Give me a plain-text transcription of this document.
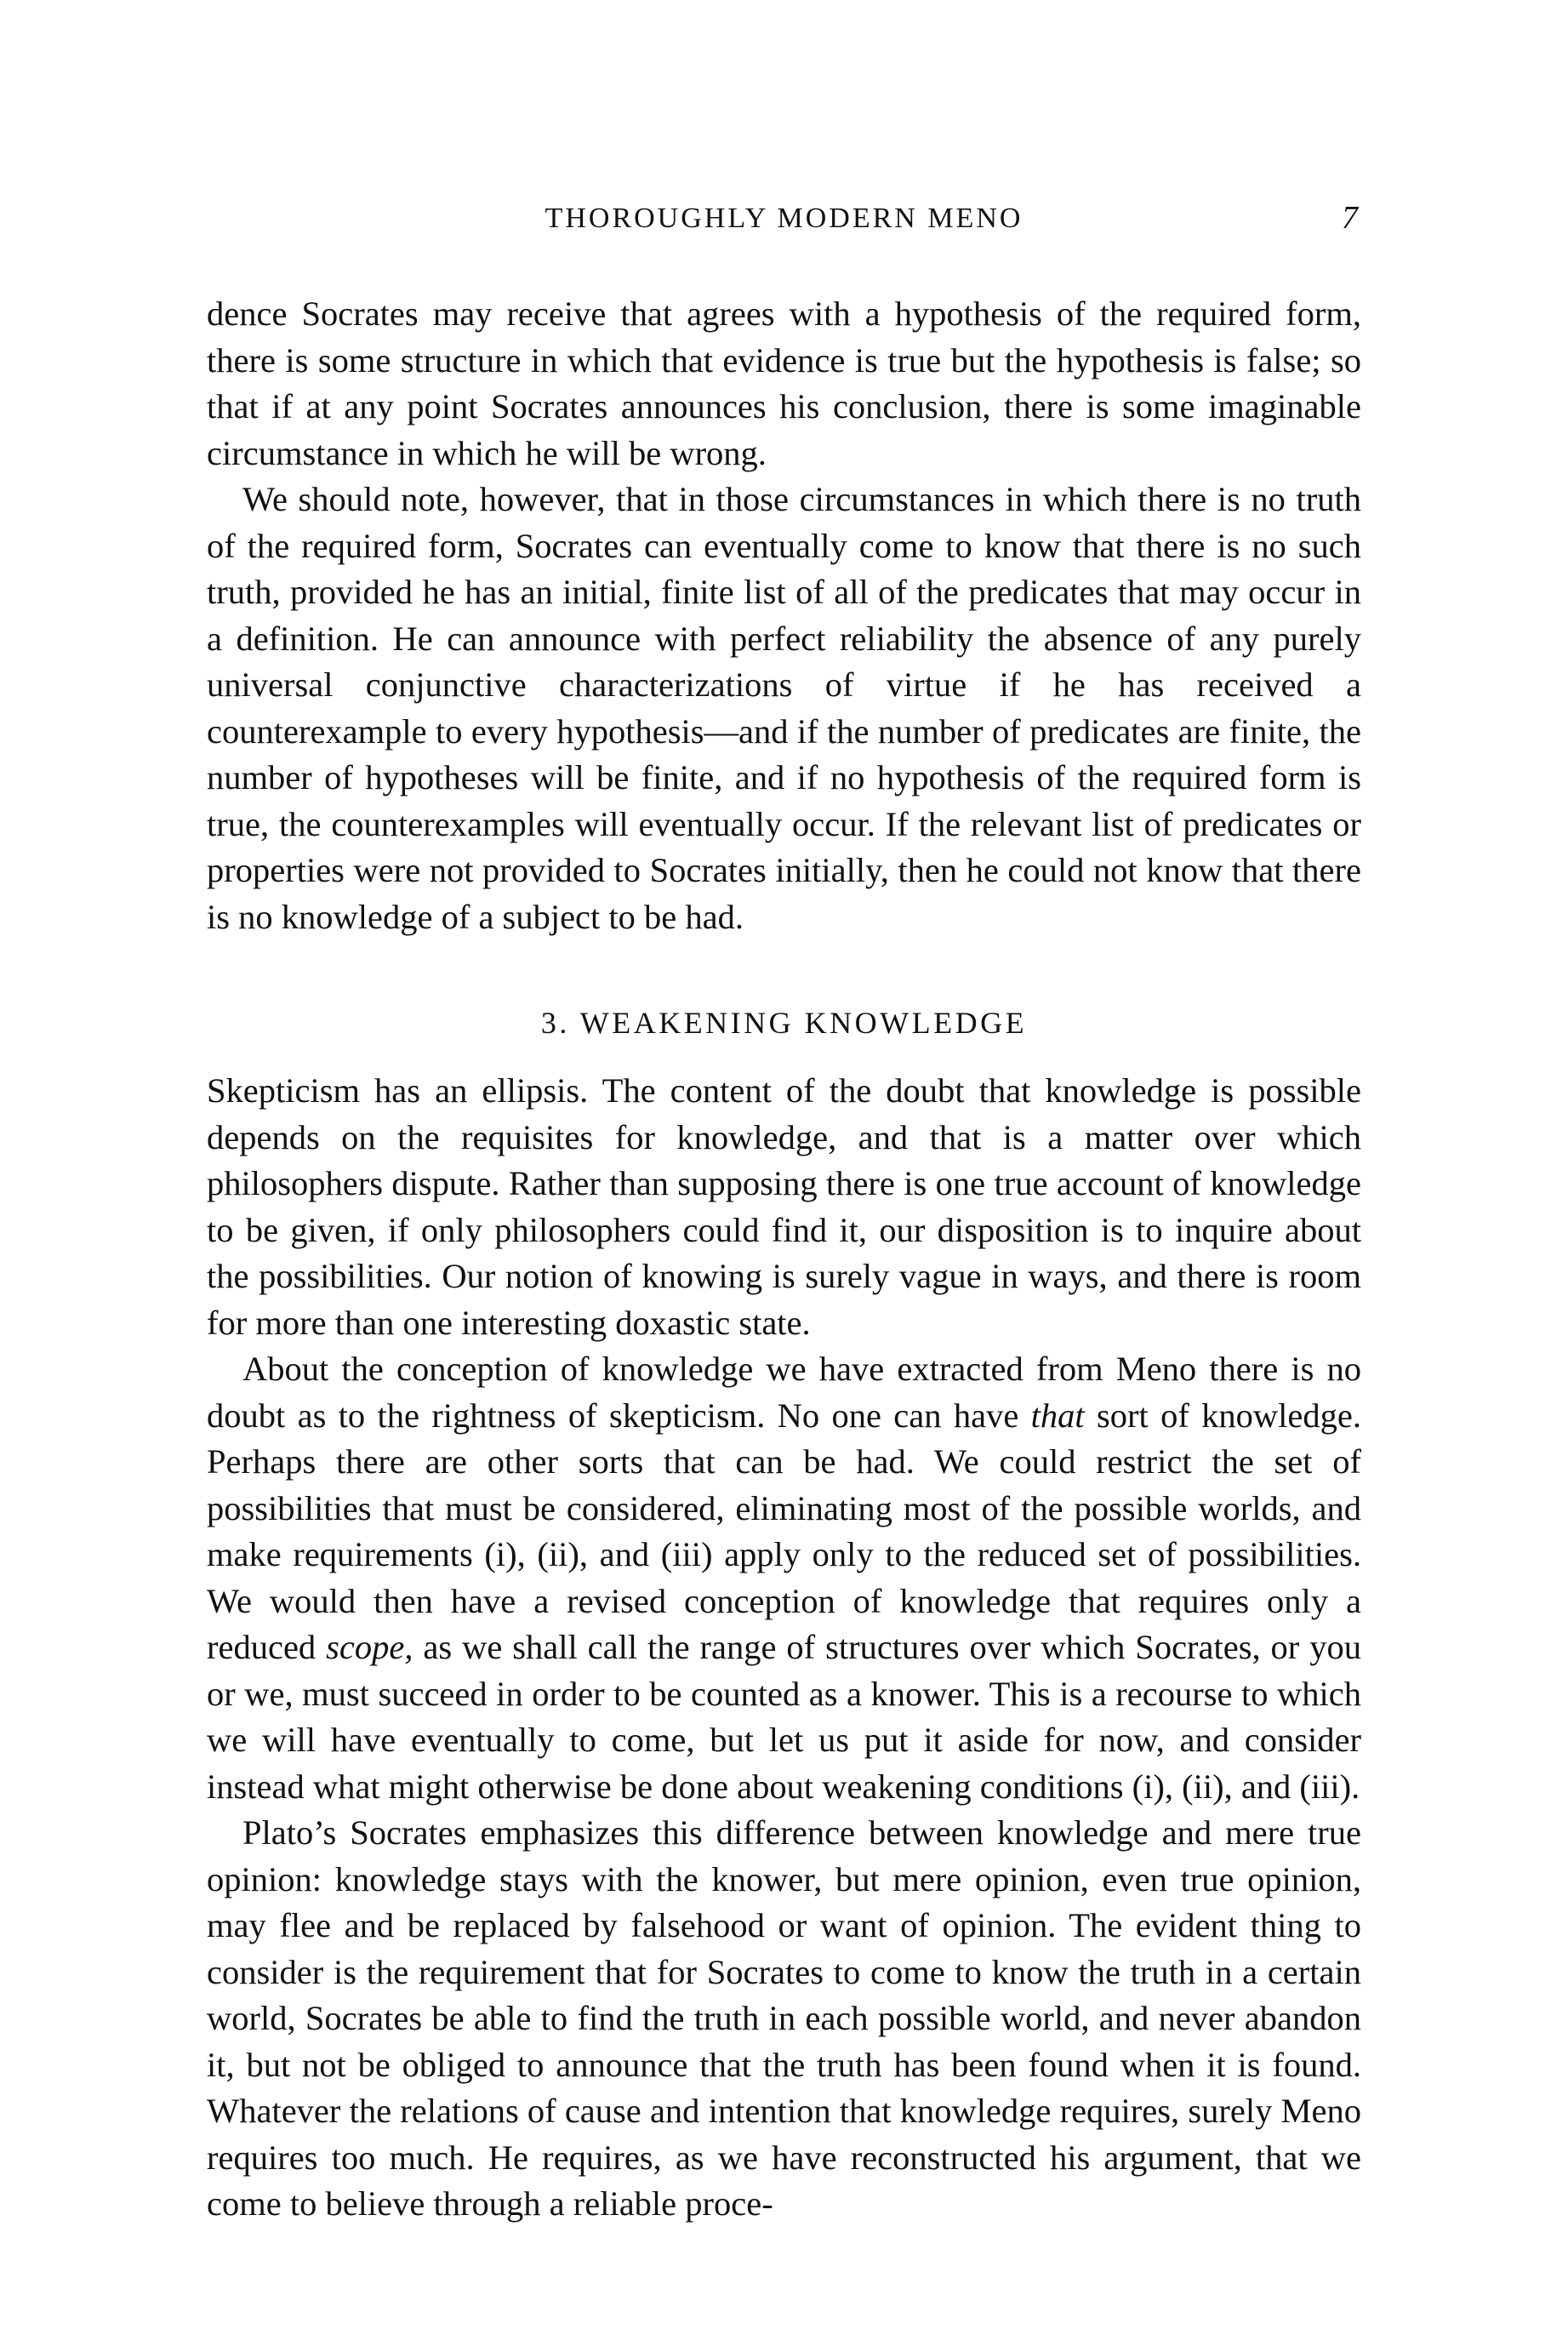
THOROUGHLY MODERN MENO	7

dence Socrates may receive that agrees with a hypothesis of the required form, there is some structure in which that evidence is true but the hypothesis is false; so that if at any point Socrates announces his conclusion, there is some imaginable circumstance in which he will be wrong.

We should note, however, that in those circumstances in which there is no truth of the required form, Socrates can eventually come to know that there is no such truth, provided he has an initial, finite list of all of the predicates that may occur in a definition. He can announce with perfect reliability the absence of any purely universal conjunctive characterizations of virtue if he has received a counterexample to every hypothesis—and if the number of predicates are finite, the number of hypotheses will be finite, and if no hypothesis of the required form is true, the counterexamples will eventually occur. If the relevant list of predicates or properties were not provided to Socrates initially, then he could not know that there is no knowledge of a subject to be had.

3. WEAKENING KNOWLEDGE

Skepticism has an ellipsis. The content of the doubt that knowledge is possible depends on the requisites for knowledge, and that is a matter over which philosophers dispute. Rather than supposing there is one true account of knowledge to be given, if only philosophers could find it, our disposition is to inquire about the possibilities. Our notion of knowing is surely vague in ways, and there is room for more than one interesting doxastic state.

About the conception of knowledge we have extracted from Meno there is no doubt as to the rightness of skepticism. No one can have that sort of knowledge. Perhaps there are other sorts that can be had. We could restrict the set of possibilities that must be considered, eliminating most of the possible worlds, and make requirements (i), (ii), and (iii) apply only to the reduced set of possibilities. We would then have a revised conception of knowledge that requires only a reduced scope, as we shall call the range of structures over which Socrates, or you or we, must succeed in order to be counted as a knower. This is a recourse to which we will have eventually to come, but let us put it aside for now, and consider instead what might otherwise be done about weakening conditions (i), (ii), and (iii).

Plato’s Socrates emphasizes this difference between knowledge and mere true opinion: knowledge stays with the knower, but mere opinion, even true opinion, may flee and be replaced by falsehood or want of opinion. The evident thing to consider is the requirement that for Socrates to come to know the truth in a certain world, Socrates be able to find the truth in each possible world, and never abandon it, but not be obliged to announce that the truth has been found when it is found. Whatever the relations of cause and intention that knowledge requires, surely Meno requires too much. He requires, as we have reconstructed his argument, that we come to believe through a reliable proce-
